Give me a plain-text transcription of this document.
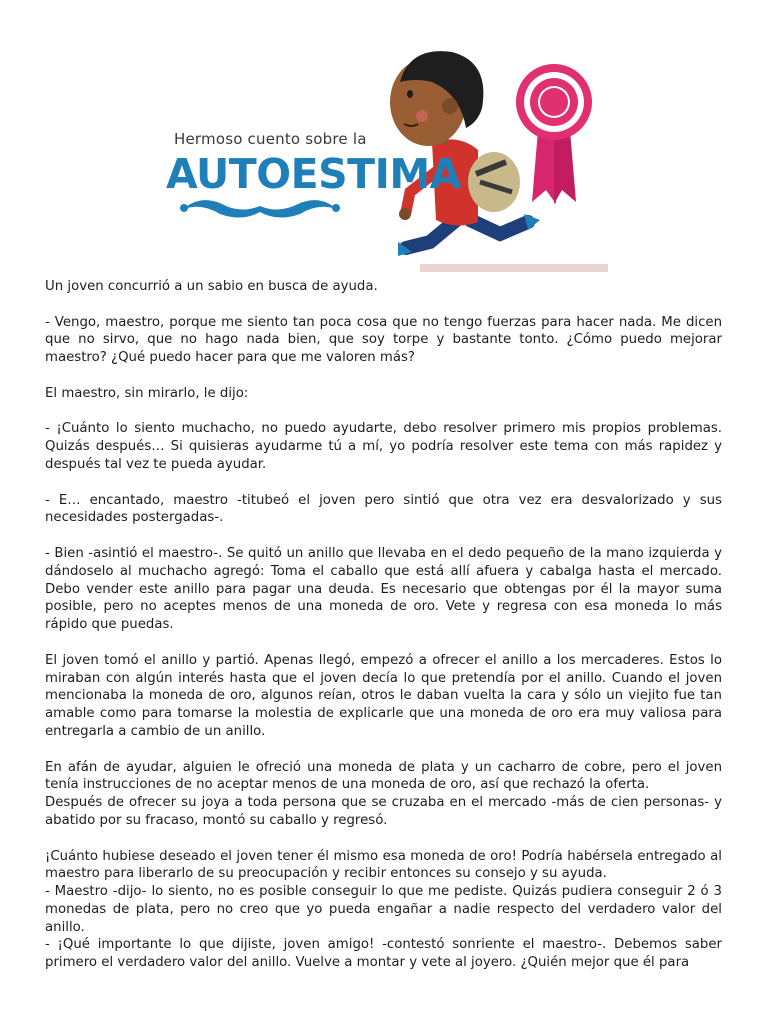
Hermoso cuento sobre la
AUTOESTIMA

Un joven concurrió a un sabio en busca de ayuda.

- Vengo, maestro, porque me siento tan poca cosa que no tengo fuerzas para hacer nada. Me dicen que no sirvo, que no hago nada bien, que soy torpe y bastante tonto. ¿Cómo puedo mejorar maestro? ¿Qué puedo hacer para que me valoren más?

El maestro, sin mirarlo, le dijo:

- ¡Cuánto lo siento muchacho, no puedo ayudarte, debo resolver primero mis propios problemas. Quizás después… Si quisieras ayudarme tú a mí, yo podría resolver este tema con más rapidez y después tal vez te pueda ayudar.

- E… encantado, maestro -titubeó el joven pero sintió que otra vez era desvalorizado y sus necesidades postergadas-.

- Bien -asintió el maestro-. Se quitó un anillo que llevaba en el dedo pequeño de la mano izquierda y dándoselo al muchacho agregó: Toma el caballo que está allí afuera y cabalga hasta el mercado. Debo vender este anillo para pagar una deuda. Es necesario que obtengas por él la mayor suma posible, pero no aceptes menos de una moneda de oro. Vete y regresa con esa moneda lo más rápido que puedas.

El joven tomó el anillo y partió. Apenas llegó, empezó a ofrecer el anillo a los mercaderes. Estos lo miraban con algún interés hasta que el joven decía lo que pretendía por el anillo. Cuando el joven mencionaba la moneda de oro, algunos reían, otros le daban vuelta la cara y sólo un viejito fue tan amable como para tomarse la molestia de explicarle que una moneda de oro era muy valiosa para entregarla a cambio de un anillo.

En afán de ayudar, alguien le ofreció una moneda de plata y un cacharro de cobre, pero el joven tenía instrucciones de no aceptar menos de una moneda de oro, así que rechazó la oferta.

Después de ofrecer su joya a toda persona que se cruzaba en el mercado -más de cien personas- y abatido por su fracaso, montó su caballo y regresó.

¡Cuánto hubiese deseado el joven tener él mismo esa moneda de oro! Podría habérsela entregado al maestro para liberarlo de su preocupación y recibir entonces su consejo y su ayuda.

- Maestro -dijo- lo siento, no es posible conseguir lo que me pediste. Quizás pudiera conseguir 2 ó 3 monedas de plata, pero no creo que yo pueda engañar a nadie respecto del verdadero valor del anillo.

- ¡Qué importante lo que dijiste, joven amigo! -contestó sonriente el maestro-. Debemos saber primero el verdadero valor del anillo. Vuelve a montar y vete al joyero. ¿Quién mejor que él para
